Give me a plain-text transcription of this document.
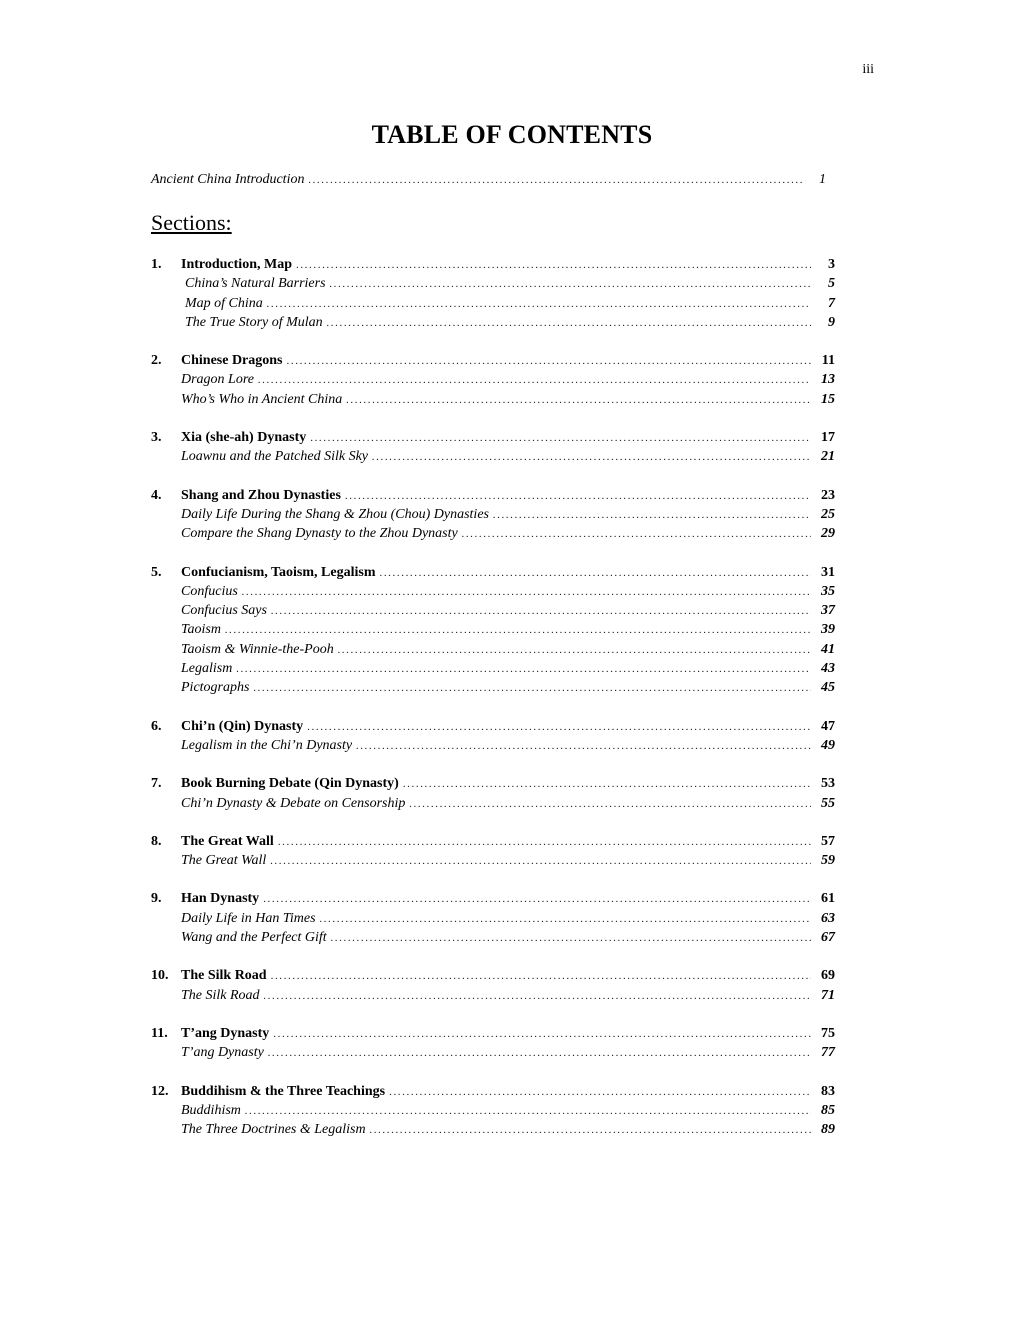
iii
TABLE OF CONTENTS
Ancient China Introduction .....	1
Sections:
1.	Introduction, Map .....	3
China’s Natural Barriers .....	5
Map of China .....	7
The True Story of Mulan .....	9
2.	Chinese Dragons .....	11
Dragon Lore .....	13
Who’s Who in Ancient China .....	15
3.	Xia (she-ah) Dynasty .....	17
Loawnu and the Patched Silk Sky .....	21
4.	Shang and Zhou Dynasties .....	23
Daily Life During the Shang & Zhou (Chou) Dynasties .....	25
Compare the Shang Dynasty to the Zhou Dynasty .....	29
5.	Confucianism, Taoism, Legalism .....	31
Confucius .....	35
Confucius Says .....	37
Taoism .....	39
Taoism & Winnie-the-Pooh .....	41
Legalism .....	43
Pictographs .....	45
6.	Chi’n (Qin) Dynasty .....	47
Legalism in the Chi’n Dynasty .....	49
7.	Book Burning Debate (Qin Dynasty) .....	53
Chi’n Dynasty & Debate on Censorship .....	55
8.	The Great Wall .....	57
The Great Wall .....	59
9.	Han Dynasty .....	61
Daily Life in Han Times .....	63
Wang and the Perfect Gift .....	67
10. The Silk Road .....	69
The Silk Road .....	71
11. T’ang Dynasty .....	75
T’ang Dynasty .....	77
12. Buddihism & the Three Teachings .....	83
Buddihism .....	85
The Three Doctrines & Legalism .....	89
